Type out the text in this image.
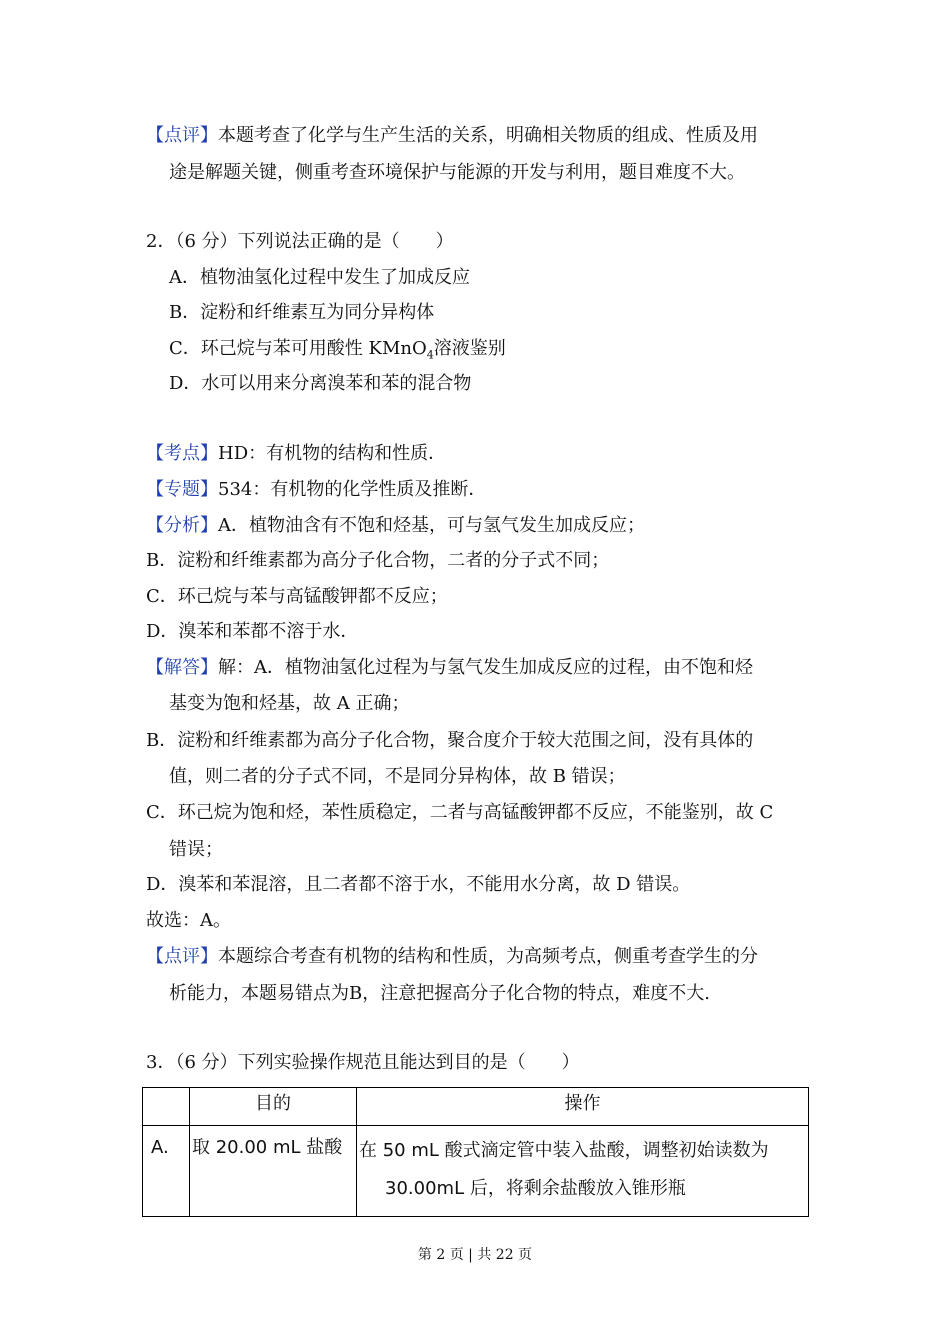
【点评】本题考查了化学与生产生活的关系，明确相关物质的组成、性质及用
途是解题关键，侧重考查环境保护与能源的开发与利用，题目难度不大。
2．（6 分）下列说法正确的是（　　）
A．植物油氢化过程中发生了加成反应
B．淀粉和纤维素互为同分异构体
C．环己烷与苯可用酸性 KMnO$_4$溶液鉴别
D．水可以用来分离溴苯和苯的混合物
【考点】HD：有机物的结构和性质．
【专题】534：有机物的化学性质及推断．
【分析】A．植物油含有不饱和烃基，可与氢气发生加成反应；
B．淀粉和纤维素都为高分子化合物，二者的分子式不同；
C．环己烷与苯与高锰酸钾都不反应；
D．溴苯和苯都不溶于水．
【解答】解：A．植物油氢化过程为与氢气发生加成反应的过程，由不饱和烃
基变为饱和烃基，故 A 正确；
B．淀粉和纤维素都为高分子化合物，聚合度介于较大范围之间，没有具体的
值，则二者的分子式不同，不是同分异构体，故 B 错误；
C．环己烷为饱和烃，苯性质稳定，二者与高锰酸钾都不反应，不能鉴别，故 C
错误；
D．溴苯和苯混溶，且二者都不溶于水，不能用水分离，故 D 错误。
故选：A。
【点评】本题综合考查有机物的结构和性质，为高频考点，侧重考查学生的分
析能力，本题易错点为B，注意把握高分子化合物的特点，难度不大.
3．（6 分）下列实验操作规范且能达到目的是（　　）
	目的	操作
A.	取 20.00 mL 盐酸	在 50 mL 酸式滴定管中装入盐酸，调整初始读数为
30.00mL 后，将剩余盐酸放入锥形瓶
第 2 页 | 共 22 页
